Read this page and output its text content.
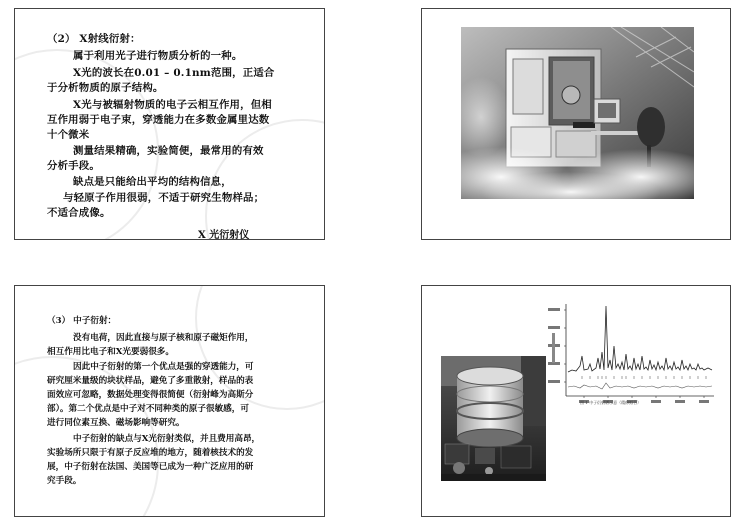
（2） X射线衍射：
属于利用光子进行物质分析的一种。
X光的波长在0.01 – 0.1nm范围，正适合
于分析物质的原子结构。
X光与被辐射物质的电子云相互作用，但相
互作用弱于电子束，穿透能力在多数金属里达数
十个微米
测量结果精确，实验简便，最常用的有效
分析手段。
缺点是只能给出平均的结构信息，
与轻原子作用很弱，不适于研究生物样品；
不适合成像。
X 光衍射仪
（3） 中子衍射：
没有电荷，因此直接与原子核和原子磁矩作用，
相互作用比电子和X光要弱很多。
因此中子衍射的第一个优点是强的穿透能力，可
研究厘米量级的块状样品，避免了多重散射，样品的表
面效应可忽略，数据处理变得很简便（衍射峰为高斯分
部）。第二个优点是中子对不同种类的原子很敏感，可
进行同位素互换、磁场影响等研究。
中子衍射的缺点与X光衍射类似，并且费用高昂，
实验场所只限于有原子反应堆的地方，随着核技术的发
展，中子衍射在法国、美国等已成为一种广泛应用的研
究手段。
图 1 中子衍射谱示意（精修拟合）
